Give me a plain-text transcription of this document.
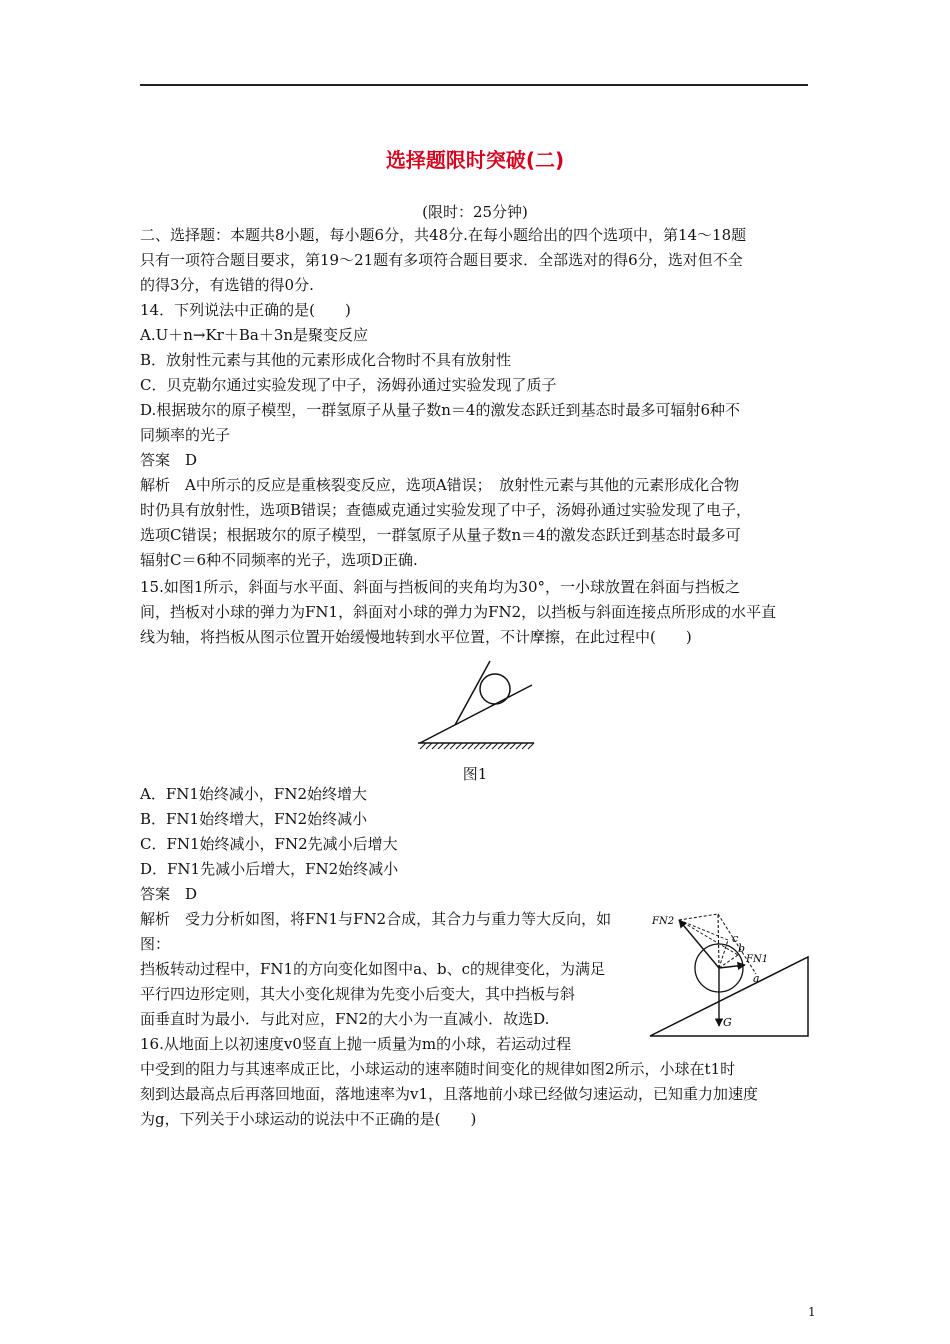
选择题限时突破(二)
(限时：25分钟)

二、选择题：本题共8小题，每小题6分，共48分.在每小题给出的四个选项中，第14～18题

只有一项符合题目要求，第19～21题有多项符合题目要求．全部选对的得6分，选对但不全

的得3分，有选错的得0分.

14．下列说法中正确的是(　　)

A.U＋n→Kr＋Ba＋3n是聚变反应

B．放射性元素与其他的元素形成化合物时不具有放射性

C．贝克勒尔通过实验发现了中子，汤姆孙通过实验发现了质子

D.根据玻尔的原子模型，一群氢原子从量子数n＝4的激发态跃迁到基态时最多可辐射6种不

同频率的光子

答案　D

解析　A中所示的反应是重核裂变反应，选项A错误；　放射性元素与其他的元素形成化合物

时仍具有放射性，选项B错误；查德威克通过实验发现了中子，汤姆孙通过实验发现了电子，

选项C错误；根据玻尔的原子模型，一群氢原子从量子数n＝4的激发态跃迁到基态时最多可

辐射C＝6种不同频率的光子，选项D正确.

15.如图1所示，斜面与水平面、斜面与挡板间的夹角均为30°，一小球放置在斜面与挡板之

间，挡板对小球的弹力为FN1，斜面对小球的弹力为FN2，以挡板与斜面连接点所形成的水平直

线为轴，将挡板从图示位置开始缓慢地转到水平位置，不计摩擦，在此过程中(　　)

图1

A．FN1始终减小，FN2始终增大

B．FN1始终增大，FN2始终减小

C．FN1始终减小，FN2先减小后增大

D．FN1先减小后增大，FN2始终减小

答案　D

解析　受力分析如图，将FN1与FN2合成，其合力与重力等大反向，如

图：

挡板转动过程中，FN1的方向变化如图中a、b、c的规律变化，为满足

平行四边形定则，其大小变化规律为先变小后变大，其中挡板与斜

面垂直时为最小．与此对应，FN2的大小为一直减小．故选D.

FN2
FN1
a
b
c
G

16.从地面上以初速度v0竖直上抛一质量为m的小球，若运动过程

中受到的阻力与其速率成正比，小球运动的速率随时间变化的规律如图2所示，小球在t1时

刻到达最高点后再落回地面，落地速率为v1，且落地前小球已经做匀速运动，已知重力加速度

为g，下列关于小球运动的说法中不正确的是(　　)

1
